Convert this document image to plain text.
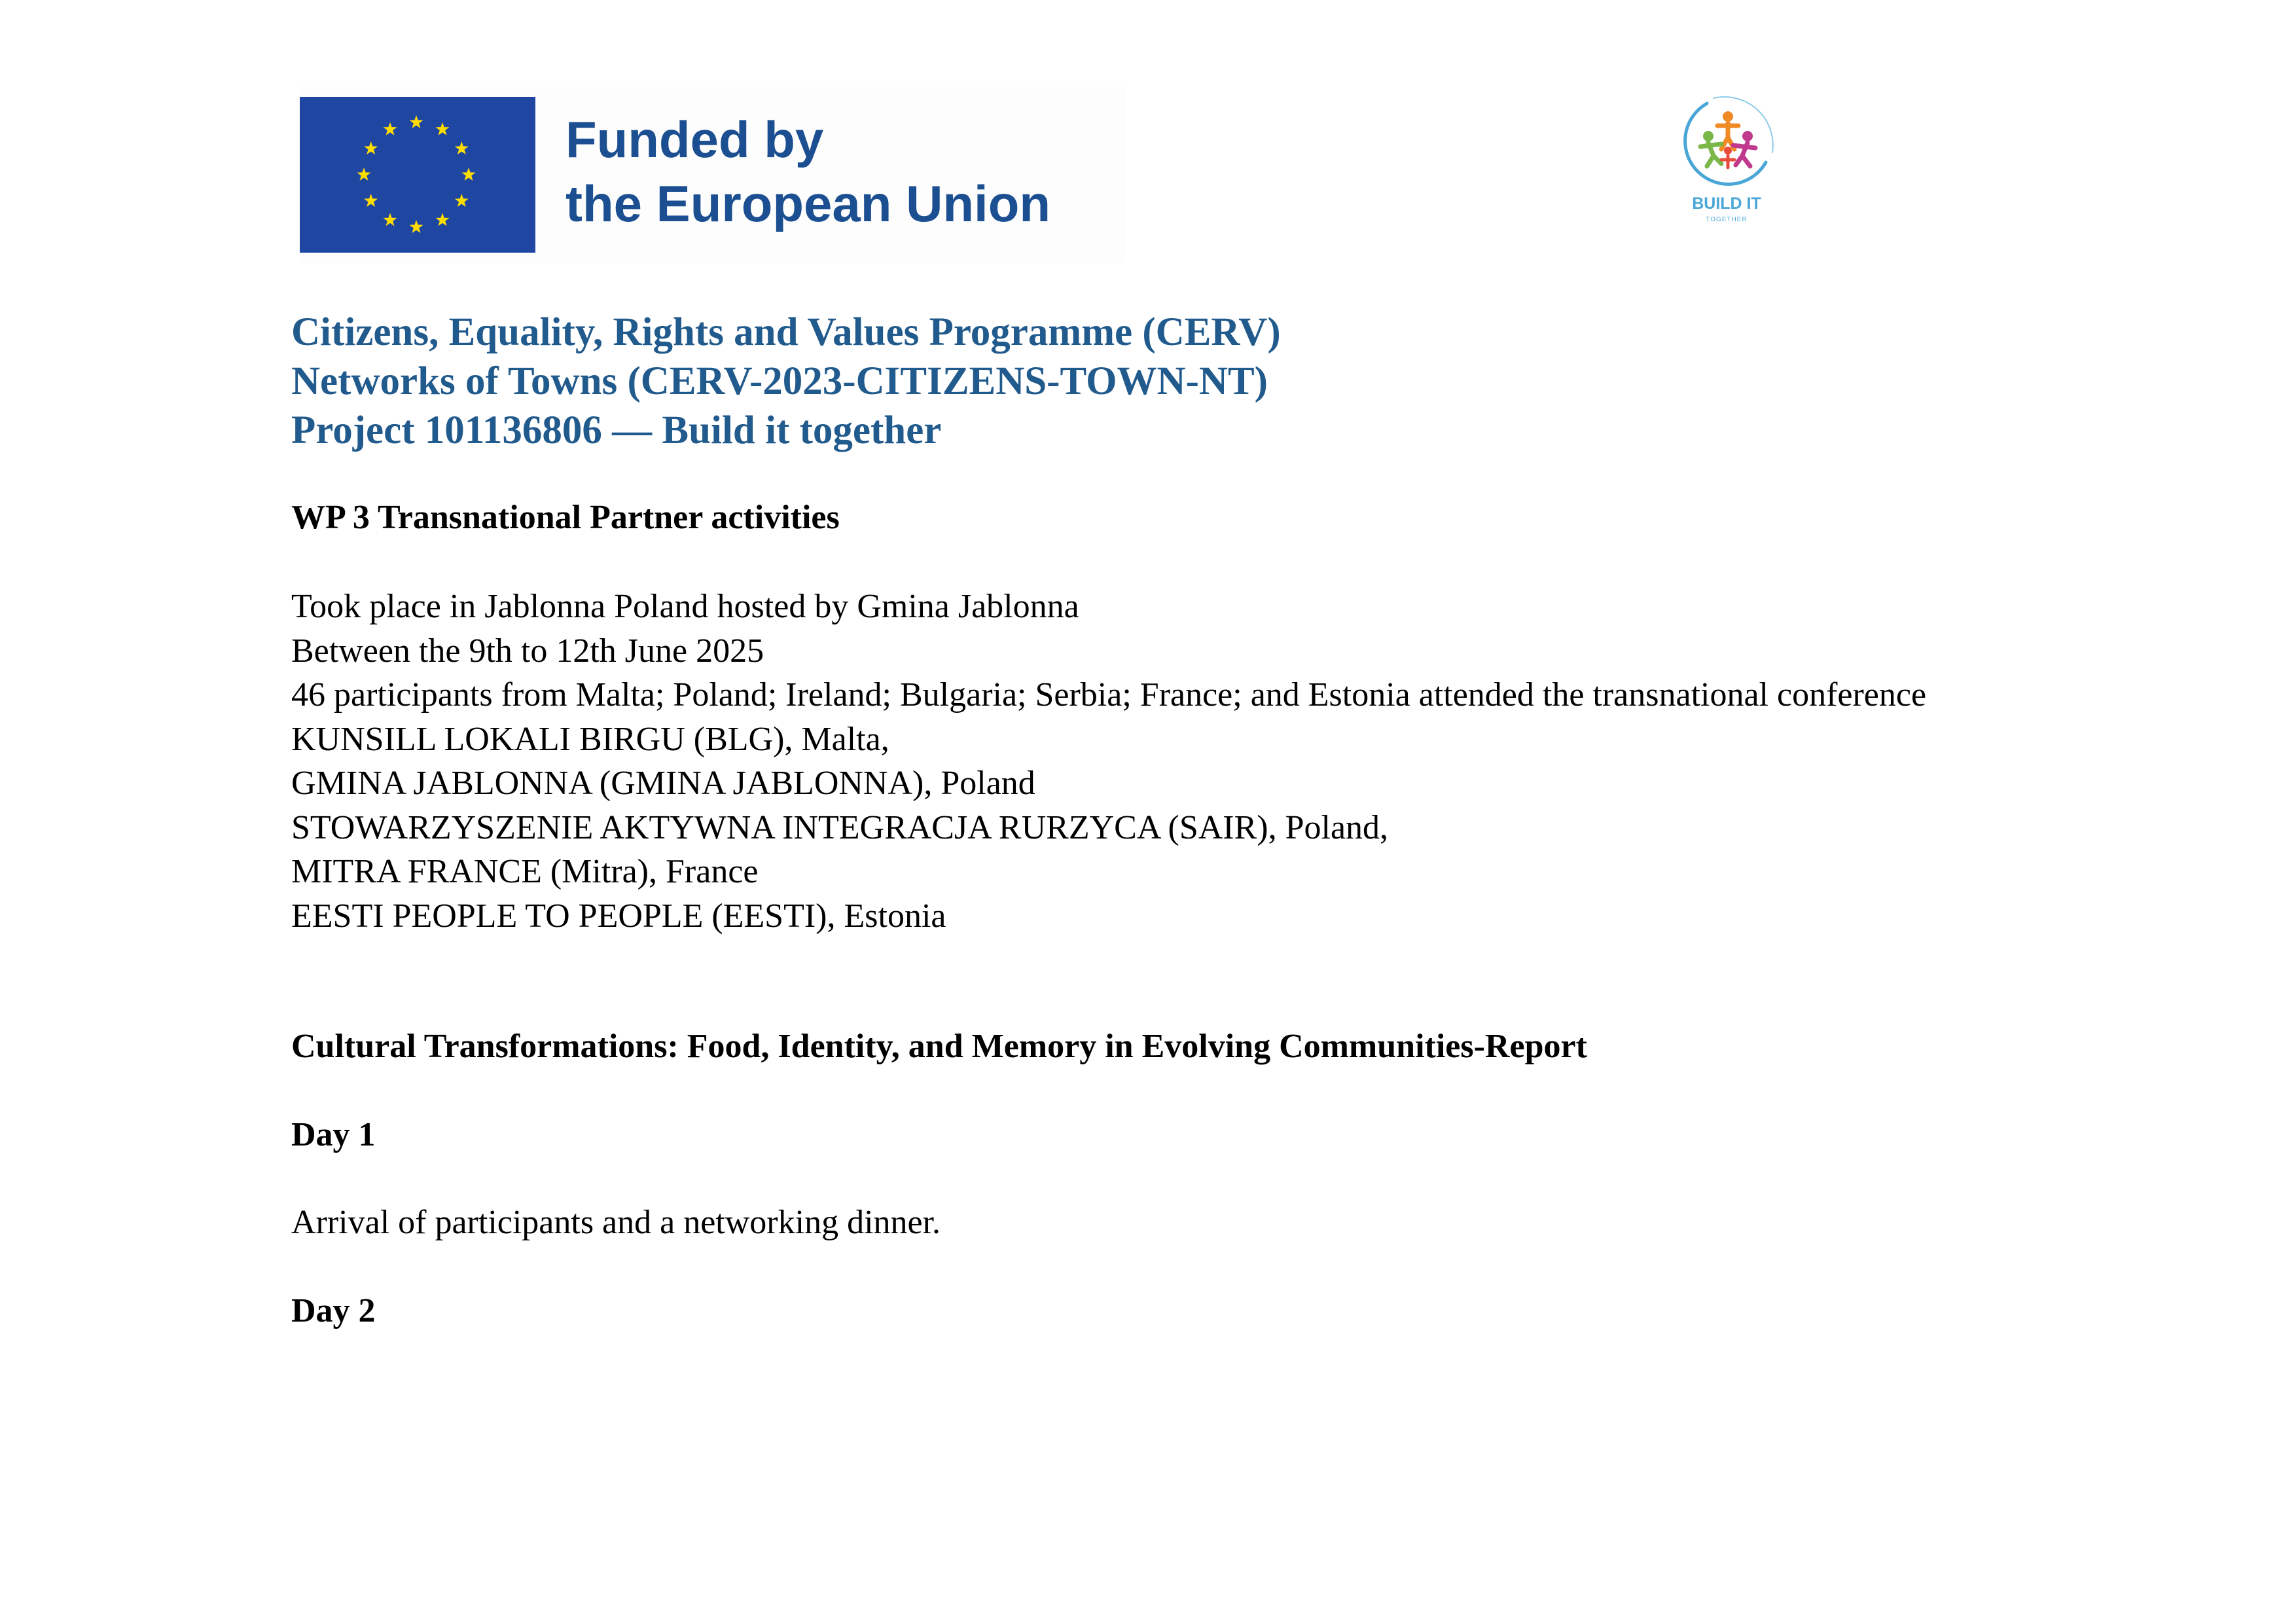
Funded by
the European Union	BUILD IT
TOGETHER
Citizens, Equality, Rights and Values Programme (CERV)
Networks of Towns (CERV-2023-CITIZENS-TOWN-NT)
Project 101136806 — Build it together
WP 3 Transnational Partner activities
Took place in Jablonna Poland hosted by Gmina Jablonna
Between the 9th to 12th June 2025
46 participants from Malta; Poland; Ireland; Bulgaria; Serbia; France; and Estonia attended the transnational conference
KUNSILL LOKALI BIRGU (BLG), Malta,
GMINA JABLONNA (GMINA JABLONNA), Poland
STOWARZYSZENIE AKTYWNA INTEGRACJA RURZYCA (SAIR), Poland,
MITRA FRANCE (Mitra), France
EESTI PEOPLE TO PEOPLE (EESTI), Estonia
Cultural Transformations: Food, Identity, and Memory in Evolving Communities-Report
Day 1
Arrival of participants and a networking dinner.
Day 2
